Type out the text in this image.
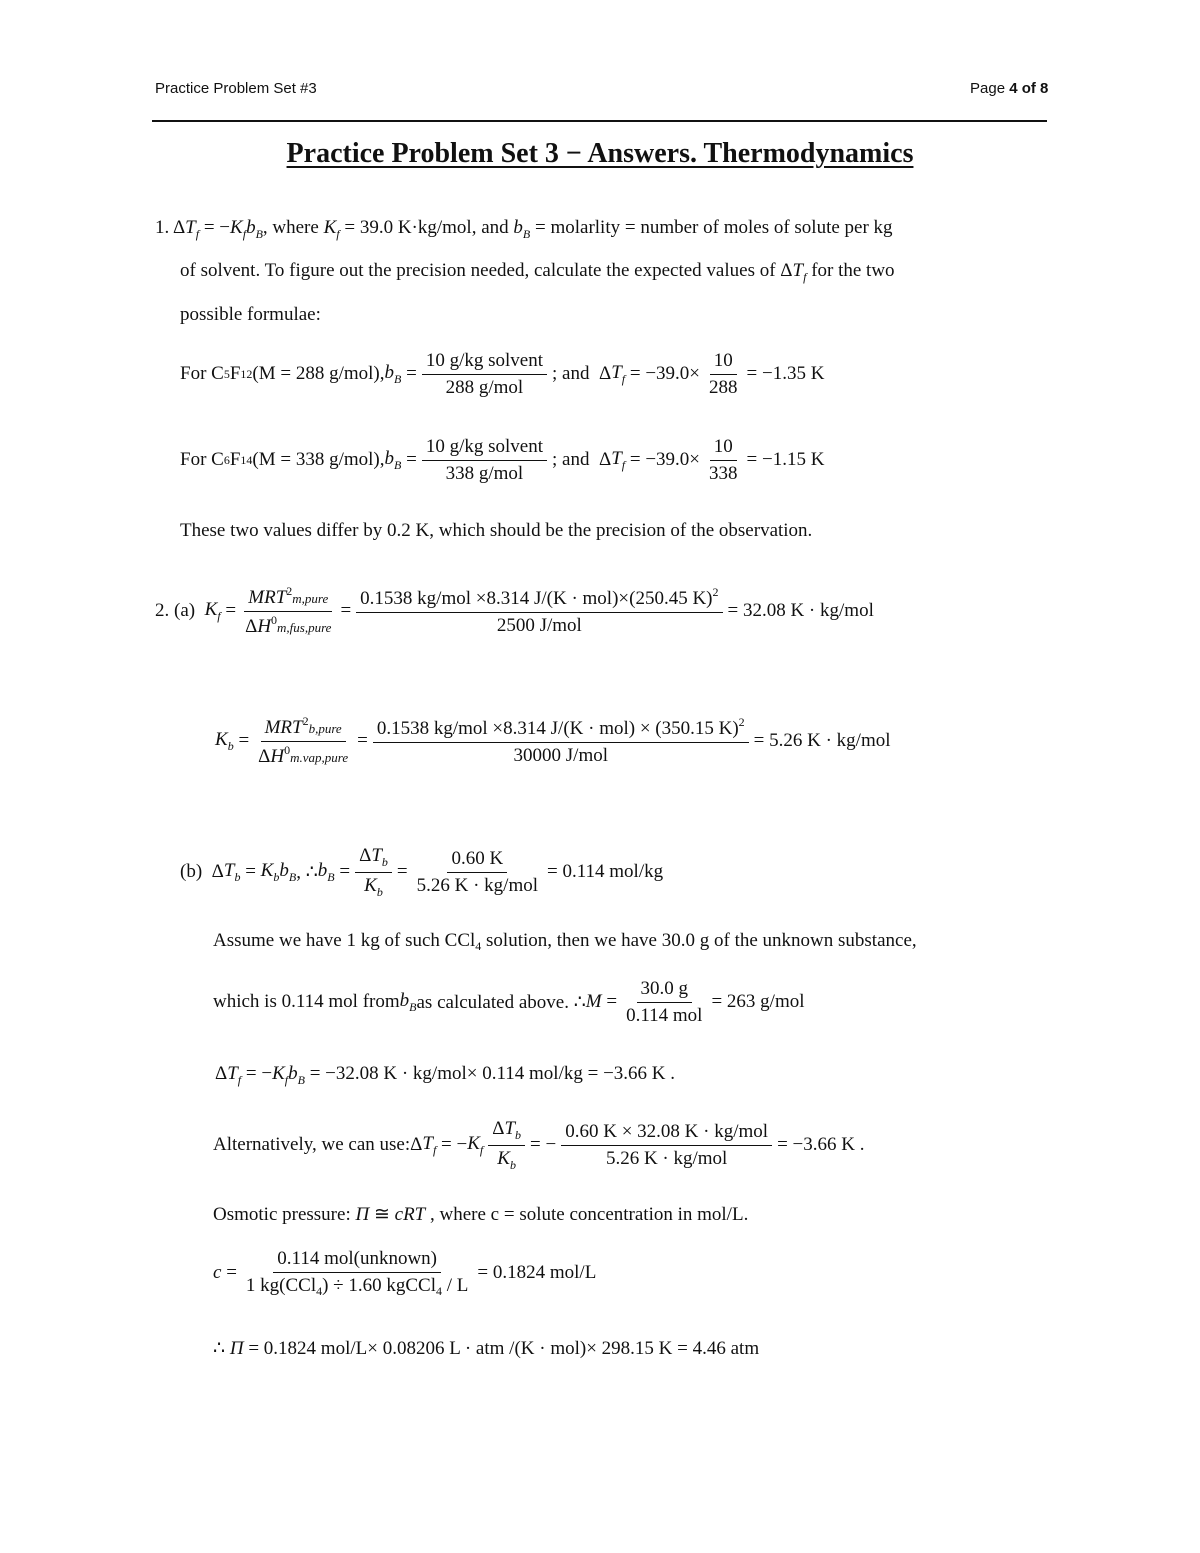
Practice Problem Set #3	Page 4 of 8
Practice Problem Set 3 − Answers. Thermodynamics
1. $\Delta T_f = -K_fb_B$, where $K_f = 39.0$ K·kg/mol, and $b_B$ = molarlity = number of moles of solute per kg
of solvent. To figure out the precision needed, calculate the expected values of $\Delta T_f$ for the two
possible formulae:
For C 5 F 12 (M = 288 g/mol), $b_B = \frac{\text{10 g/kg solvent}}{\text{288 g/mol}}$ ; and Δ $T_f$
= $-39.0\times \frac{10}{288} = -1.35$ K
For C 6 F 14 (M = 338 g/mol), $b_B = \frac{\text{10 g/kg solvent}}{\text{338 g/mol}}$ ; and Δ $T_f$
= $-39.0\times \frac{10}{338} = -1.15$ K
These two values differ by 0.2 K, which should be the precision of the observation.
2. (a)
$K_f = \frac{MRT^2m,pure}{\Delta H^0m,fus,pure} = \frac{0.1538 kg/mol \times 8.314 J/(K \cdot mol)\times(250.45 K)^2}{\text{2500 J/mol}} = 32.08$ K · kg/mol
$K_b = \frac{MRT^2b,pure}{\Delta H^0m.vap,pure} = \frac{0.1538 kg/mol \times 8.314 J/(K \cdot mol) \times (350.15 K)^2}{\text{30000 J/mol}} = 5.26$ K · kg/mol
(b) Δ $T_b = K_bb_B$ , ∴ $b_B = \frac{\Delta T_b}{K_b} = \frac{0.60 K}{\text{5.26 K · kg/mol}} = 0.114$ mol/kg
Assume we have 1 kg of such CCl$_4$ solution, then we have 30.0 g of the unknown substance,
which is 0.114 mol from $b_B$ as calculated above. ∴ $M = \frac{30.0 g}{\text{0.114 mol}} = 263$ g/mol
$\Delta T_f = -K_fb_B = -32.08$ K · kg/mol× 0.114 mol/kg = −3.66 K .
Alternatively, we can use: Δ $T_f$ = − $K_f \frac{\Delta T_b}{K_b}$ = − $\frac{\text{0.60 K × 32.08 K · kg/mol}}{\text{5.26 K · kg/mol}} = -3.66$ K .
Osmotic pressure: Π ≅ cRT , where c = solute concentration in mol/L.
$c = \frac{\text{0.114 mol(unknown)}}{1 kg(CCl_4) \div 1.60 kgCCl_4 / L} = 0.1824$ mol/L
∴ Π = 0.1824 mol/L× 0.08206 L · atm /(K · mol)× 298.15 K = 4.46 atm
